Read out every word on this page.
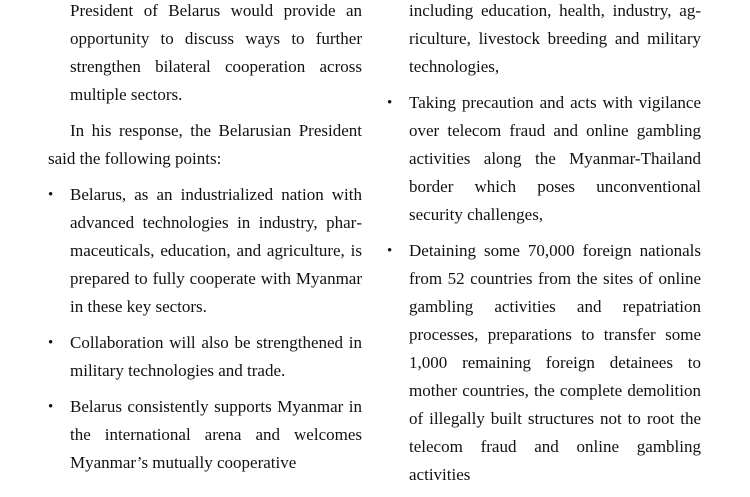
President of Belarus would provide an opportunity to discuss ways to further strengthen bilateral cooperation across multiple sectors.

In his response, the Belarusian President said the following points:

• Belarus, as an industrialized nation with advanced technologies in industry, pharmaceuticals, education, and agriculture, is prepared to fully cooperate with Myanmar in these key sectors.

• Collaboration will also be strengthened in military technologies and trade.

• Belarus consistently supports Myanmar in the international arena and welcomes Myanmar’s mutually cooperative

including education, health, industry, agriculture, livestock breeding and military technologies,

• Taking precaution and acts with vigilance over telecom fraud and online gambling activities along the Myanmar-Thailand border which poses unconventional security challenges,

• Detaining some 70,000 foreign nationals from 52 countries from the sites of online gambling activities and repatriation processes, preparations to transfer some 1,000 remaining foreign detainees to mother countries, the complete demolition of illegally built structures not to root the telecom fraud and online gambling activities
